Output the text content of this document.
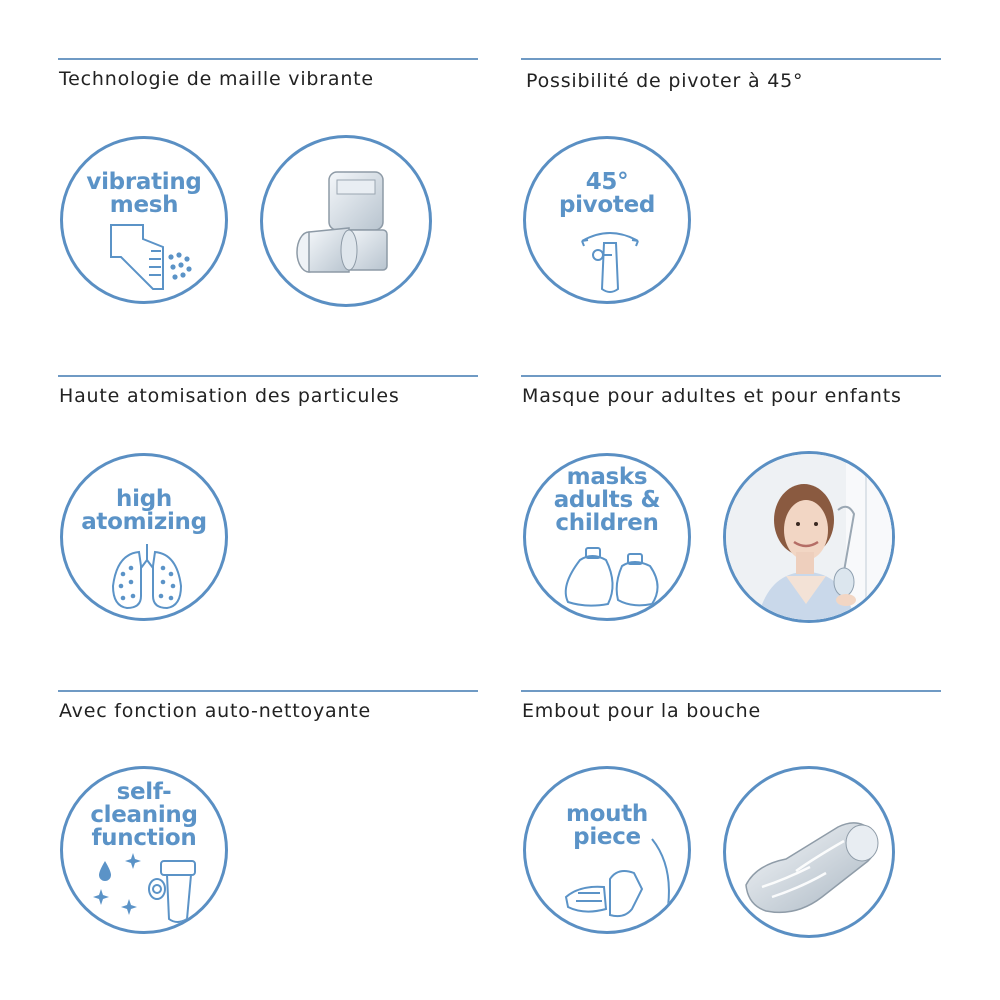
Technologie de maille vibrante
vibrating
mesh
Possibilité de pivoter à 45°
45°
pivoted
Haute atomisation des particules
high
atomizing
Masque pour adultes et pour enfants
masks
adults &
children
Avec fonction auto-nettoyante
self-
cleaning
function
Embout pour la bouche
mouth
piece
